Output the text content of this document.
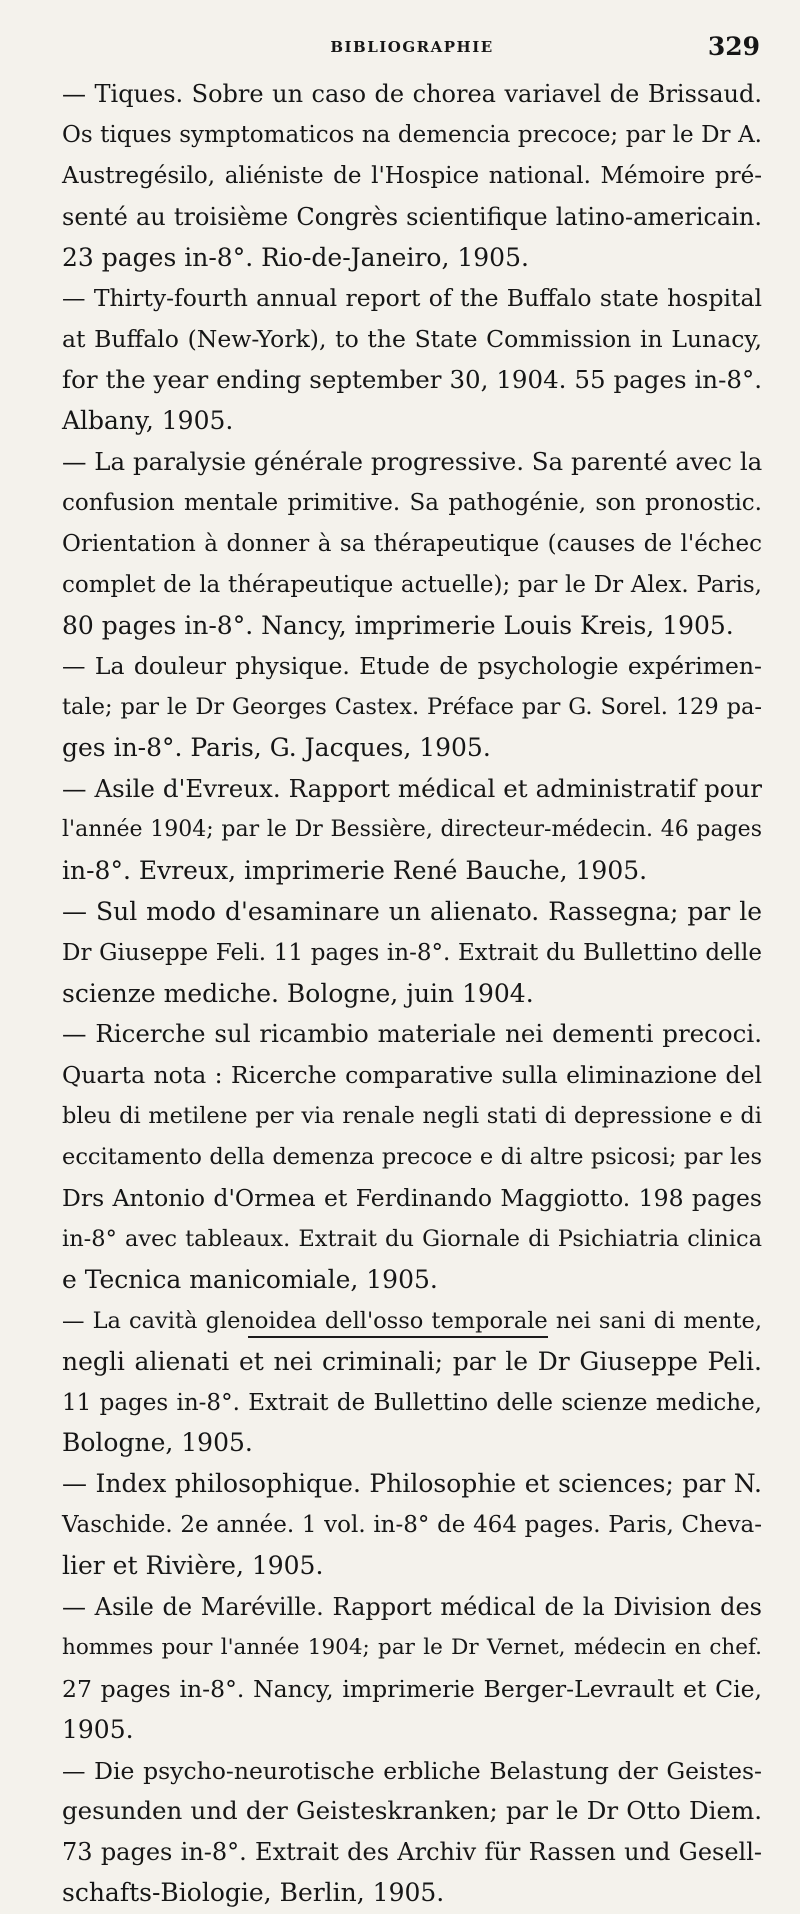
BIBLIOGRAPHIE	329
— Tiques. Sobre un caso de chorea variavel de Brissaud.
Os tiques symptomaticos na demencia precoce; par le Dr A.
Austregésilo, aliéniste de l'Hospice national. Mémoire pré-
senté au troisième Congrès scientifique latino-americain.
23 pages in-8°. Rio-de-Janeiro, 1905.
— Thirty-fourth annual report of the Buffalo state hospital
at Buffalo (New-York), to the State Commission in Lunacy,
for the year ending september 30, 1904. 55 pages in-8°.
Albany, 1905.
— La paralysie générale progressive. Sa parenté avec la
confusion mentale primitive. Sa pathogénie, son pronostic.
Orientation à donner à sa thérapeutique (causes de l'échec
complet de la thérapeutique actuelle); par le Dr Alex. Paris,
80 pages in-8°. Nancy, imprimerie Louis Kreis, 1905.
— La douleur physique. Etude de psychologie expérimen-
tale; par le Dr Georges Castex. Préface par G. Sorel. 129 pa-
ges in-8°. Paris, G. Jacques, 1905.
— Asile d'Evreux. Rapport médical et administratif pour
l'année 1904; par le Dr Bessière, directeur-médecin. 46 pages
in-8°. Evreux, imprimerie René Bauche, 1905.
— Sul modo d'esaminare un alienato. Rassegna; par le
Dr Giuseppe Feli. 11 pages in-8°. Extrait du Bullettino delle
scienze mediche. Bologne, juin 1904.
— Ricerche sul ricambio materiale nei dementi precoci.
Quarta nota : Ricerche comparative sulla eliminazione del
bleu di metilene per via renale negli stati di depressione e di
eccitamento della demenza precoce e di altre psicosi; par les
Drs Antonio d'Ormea et Ferdinando Maggiotto. 198 pages
in-8° avec tableaux. Extrait du Giornale di Psichiatria clinica
e Tecnica manicomiale, 1905.
— La cavità glenoidea dell'osso temporale nei sani di mente,
negli alienati et nei criminali; par le Dr Giuseppe Peli.
11 pages in-8°. Extrait de Bullettino delle scienze mediche,
Bologne, 1905.
— Index philosophique. Philosophie et sciences; par N.
Vaschide. 2e année. 1 vol. in-8° de 464 pages. Paris, Cheva-
lier et Rivière, 1905.
— Asile de Maréville. Rapport médical de la Division des
hommes pour l'année 1904; par le Dr Vernet, médecin en chef.
27 pages in-8°. Nancy, imprimerie Berger-Levrault et Cie,
1905.
— Die psycho-neurotische erbliche Belastung der Geistes-
gesunden und der Geisteskranken; par le Dr Otto Diem.
73 pages in-8°. Extrait des Archiv für Rassen und Gesell-
schafts-Biologie, Berlin, 1905.
